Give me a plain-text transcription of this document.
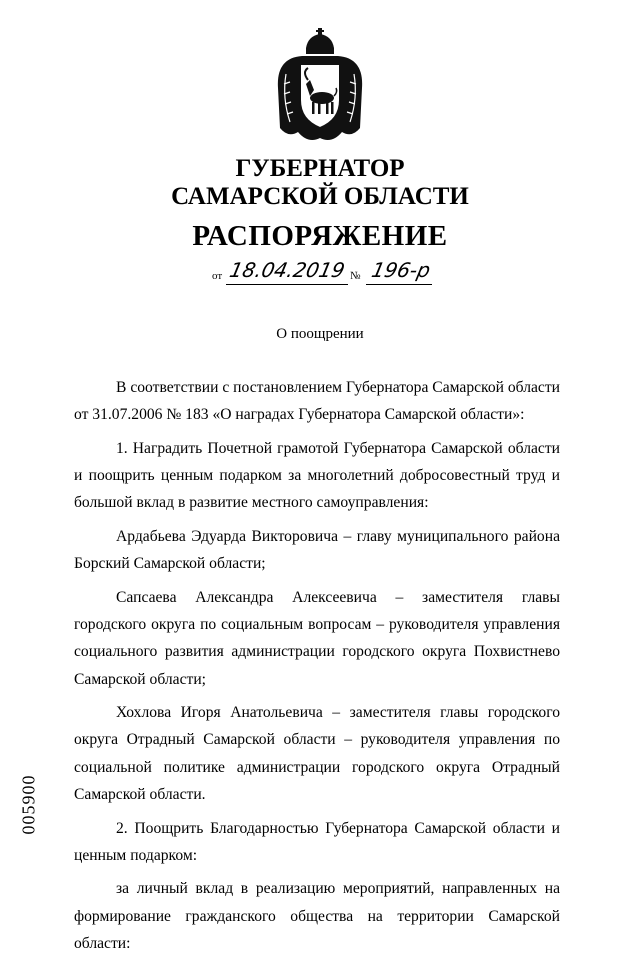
ГУБЕРНАТОР
САМАРСКОЙ ОБЛАСТИ
РАСПОРЯЖЕНИЕ
от 18.04.2019 № 196-р

О поощрении

В соответствии с постановлением Губернатора Самарской области от 31.07.2006 № 183 «О наградах Губернатора Самарской области»:

1. Наградить Почетной грамотой Губернатора Самарской области и поощрить ценным подарком за многолетний добросовестный труд и большой вклад в развитие местного самоуправления:

Ардабьева Эдуарда Викторовича – главу муниципального района Борский Самарской области;

Сапсаева Александра Алексеевича – заместителя главы городского округа по социальным вопросам – руководителя управления социального развития администрации городского округа Похвистнево Самарской области;

Хохлова Игоря Анатольевича – заместителя главы городского округа Отрадный Самарской области – руководителя управления по социальной политике администрации городского округа Отрадный Самарской области.

2. Поощрить Благодарностью Губернатора Самарской области и ценным подарком:

за личный вклад в реализацию мероприятий, направленных на формирование гражданского общества на территории Самарской области:

005900
